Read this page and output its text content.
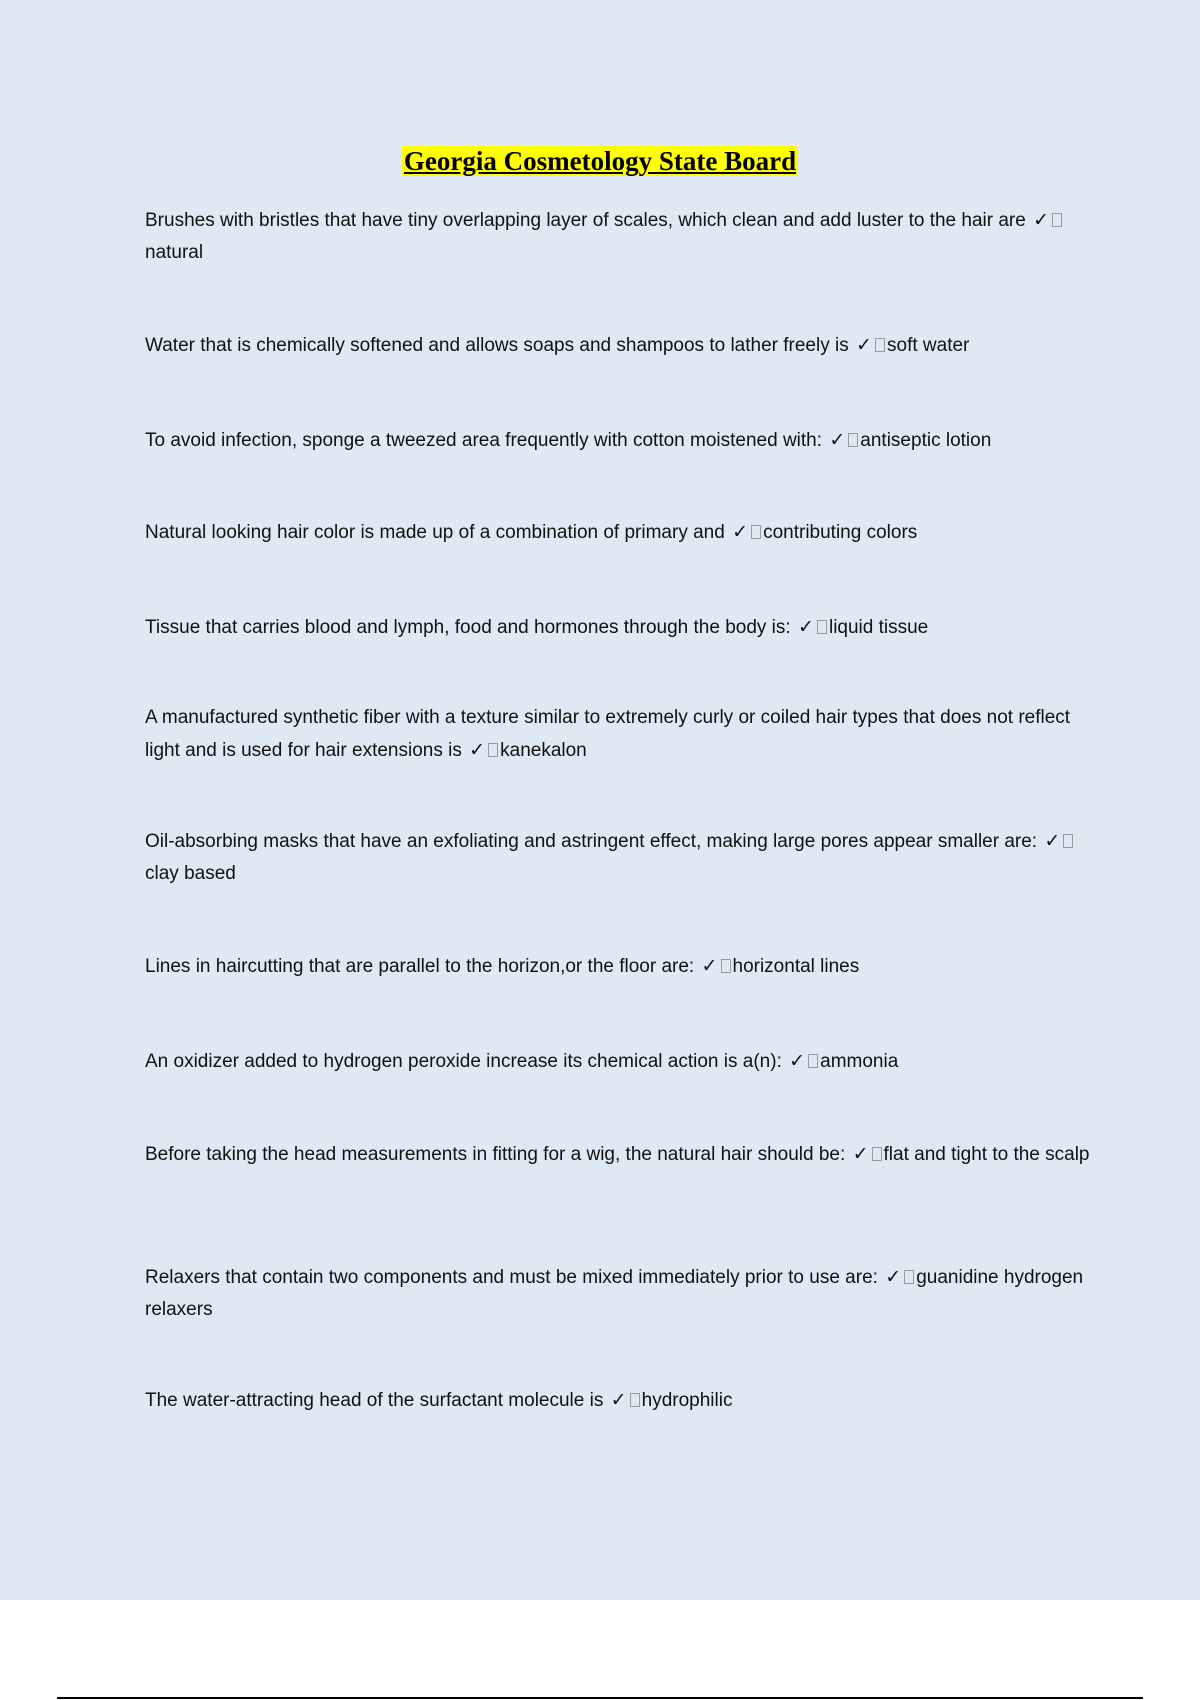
Georgia Cosmetology State Board

Brushes with bristles that have tiny overlapping layer of scales, which clean and add luster to the hair are ✓natural

Water that is chemically softened and allows soaps and shampoos to lather freely is ✓ soft water

To avoid infection, sponge a tweezed area frequently with cotton moistened with: ✓ antiseptic lotion

Natural looking hair color is made up of a combination of primary and ✓ contributing colors

Tissue that carries blood and lymph, food and hormones through the body is: ✓ liquid tissue

A manufactured synthetic fiber with a texture similar to extremely curly or coiled hair types that does not reflect light and is used for hair extensions is ✓ kanekalon

Oil-absorbing masks that have an exfoliating and astringent effect, making large pores appear smaller are: ✓clay based

Lines in haircutting that are parallel to the horizon,or the floor are: ✓ horizontal lines

An oxidizer added to hydrogen peroxide increase its chemical action is a(n): ✓ ammonia

Before taking the head measurements in fitting for a wig, the natural hair should be: ✓ flat and tight to the scalp

Relaxers that contain two components and must be mixed immediately prior to use are: ✓ guanidine hydrogen relaxers

The water-attracting head of the surfactant molecule is ✓ hydrophilic
